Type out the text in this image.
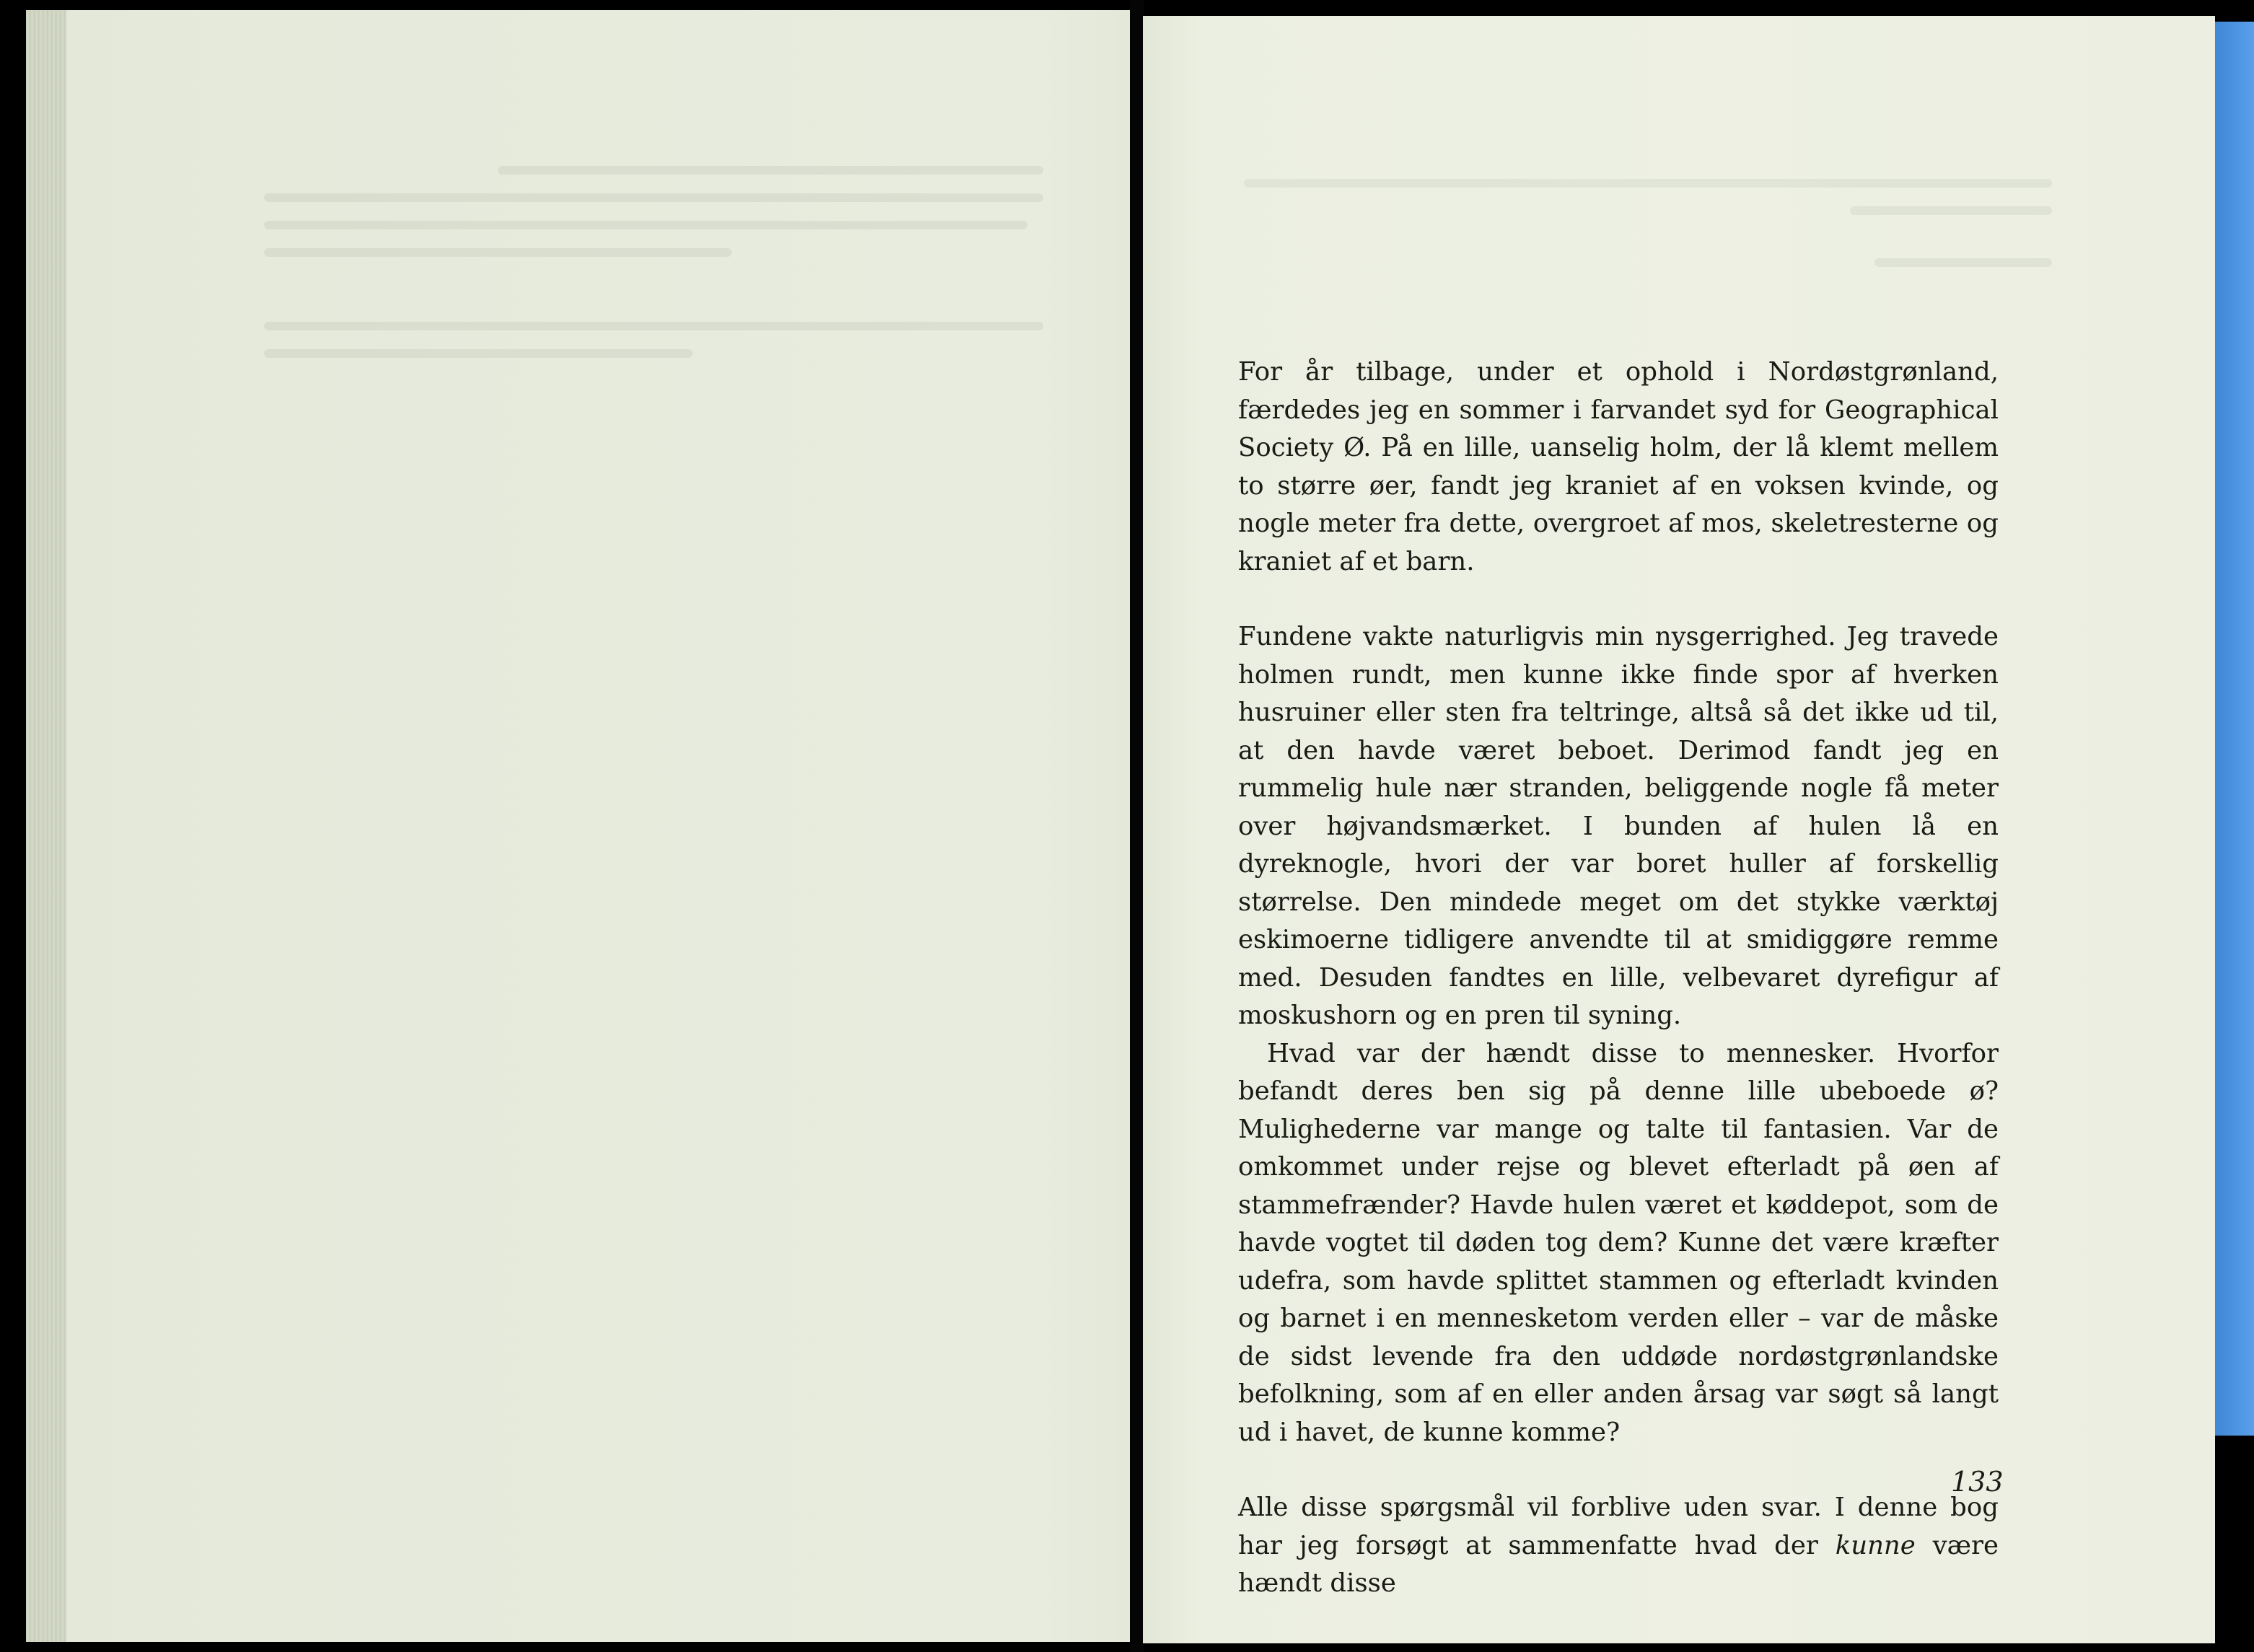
For år tilbage, under et ophold i Nordøstgrønland, færdedes jeg en sommer i farvandet syd for Geographical Society Ø. På en lille, uanselig holm, der lå klemt mellem to større øer, fandt jeg kraniet af en voksen kvinde, og nogle meter fra dette, overgroet af mos, skeletresterne og kraniet af et barn.

Fundene vakte naturligvis min nysgerrighed. Jeg travede holmen rundt, men kunne ikke finde spor af hverken husruiner eller sten fra teltringe, altså så det ikke ud til, at den havde været beboet. Derimod fandt jeg en rummelig hule nær stranden, beliggende nogle få meter over højvandsmærket. I bunden af hulen lå en dyreknogle, hvori der var boret huller af forskellig størrelse. Den mindede meget om det stykke værktøj eskimoerne tidligere anvendte til at smidiggøre remme med. Desuden fandtes en lille, velbevaret dyrefigur af moskushorn og en pren til syning.

Hvad var der hændt disse to mennesker. Hvorfor befandt deres ben sig på denne lille ubeboede ø? Mulighederne var mange og talte til fantasien. Var de omkommet under rejse og blevet efterladt på øen af stammefrænder? Havde hulen været et køddepot, som de havde vogtet til døden tog dem? Kunne det være kræfter udefra, som havde splittet stammen og efterladt kvinden og barnet i en mennesketom verden eller – var de måske de sidst levende fra den uddøde nordøstgrønlandske befolkning, som af en eller anden årsag var søgt så langt ud i havet, de kunne komme?

Alle disse spørgsmål vil forblive uden svar. I denne bog har jeg forsøgt at sammenfatte hvad der kunne være hændt disse

133
